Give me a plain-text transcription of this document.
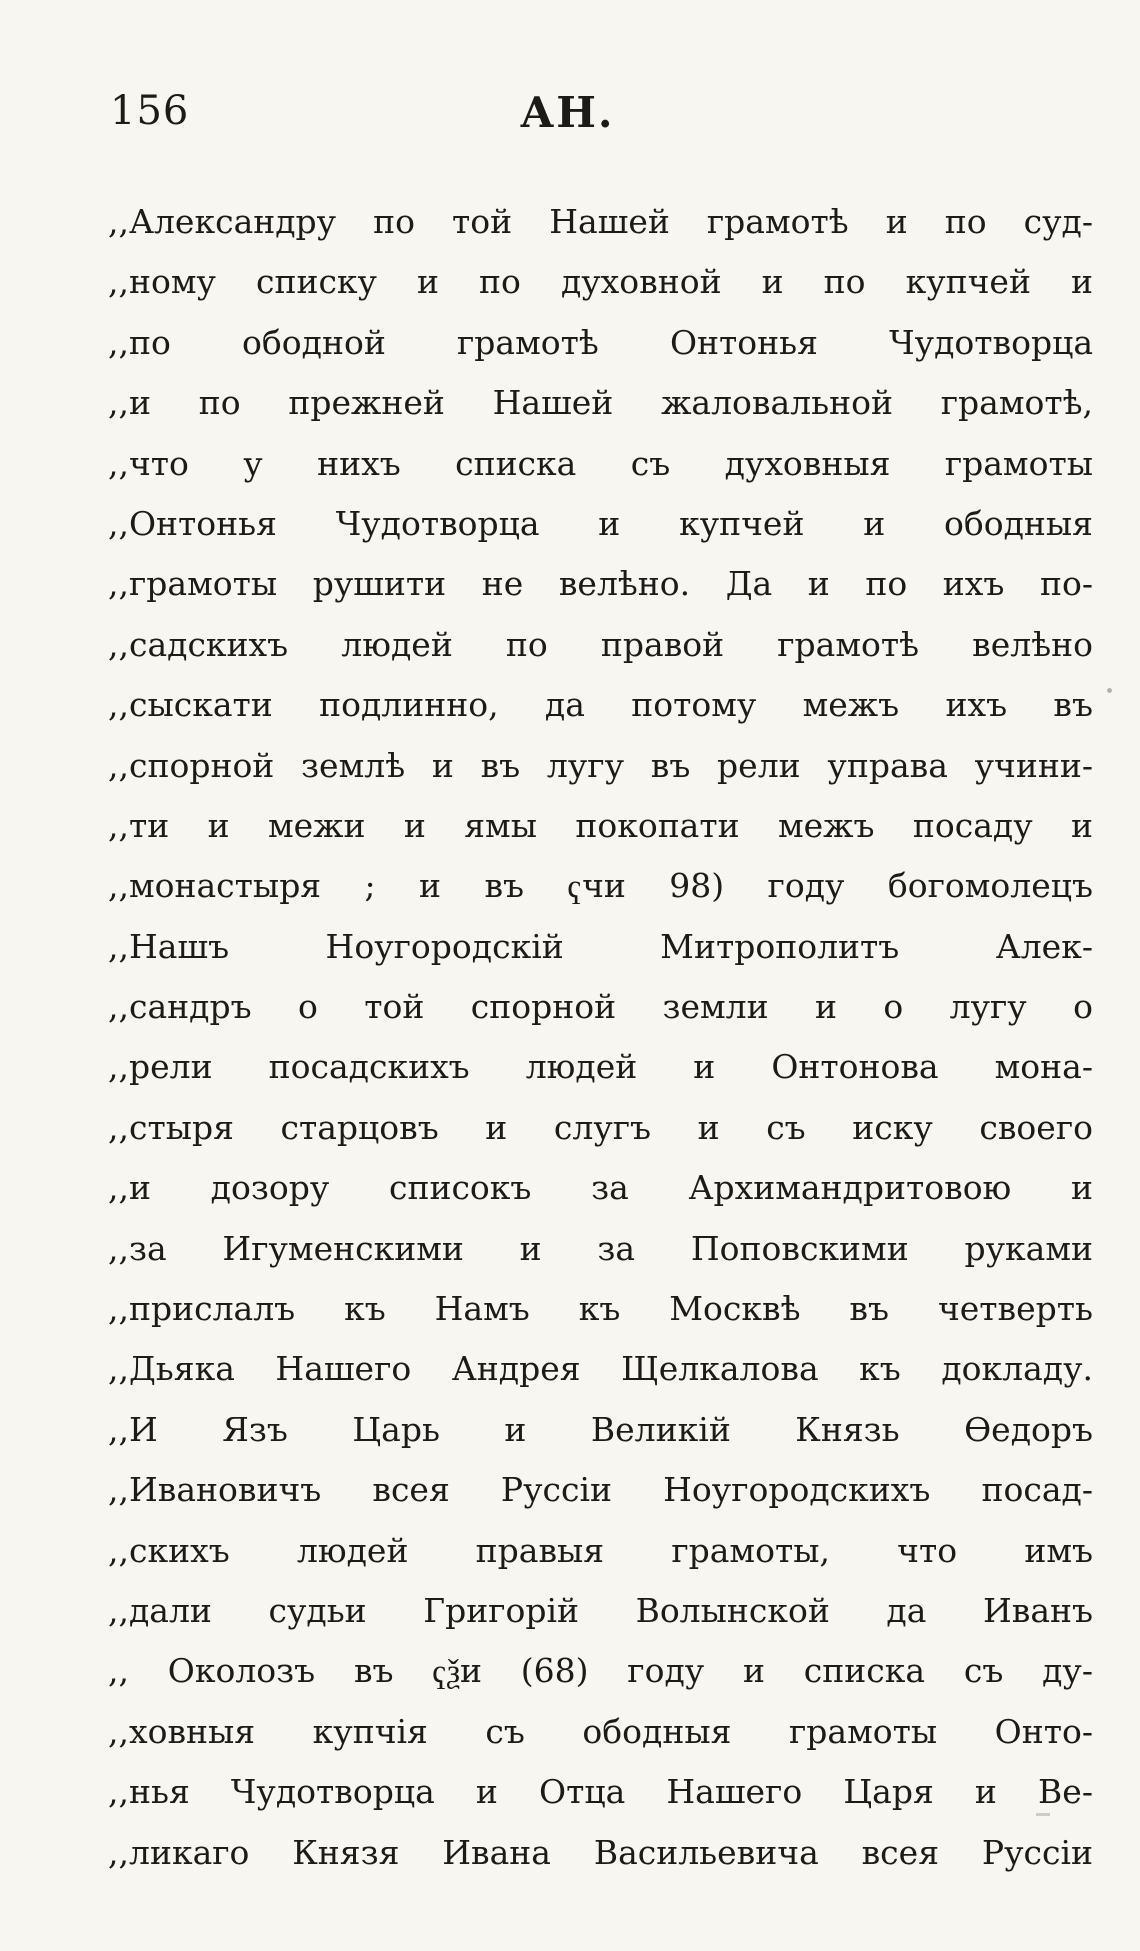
156	АН.
,,Александру по той Нашей грамотѣ и по суд-
,,ному списку и по духовной и по купчей и
,,по ободной грамотѣ Онтонья Чудотворца
,,и по прежней Нашей жаловальной грамотѣ,
,,что у нихъ списка съ духовныя грамоты
,,Онтонья Чудотворца и купчей и ободныя
,,грамоты рушити не велѣно. Да и по ихъ по-
,,садскихъ людей по правой грамотѣ велѣно
,,сыскати подлинно, да потому межъ ихъ въ
,,спорной землѣ и въ лугу въ рели управа учини-
,,ти и межи и ямы покопати межъ посаду и
,,монастыря ; и въ ҁчи 98) году богомолецъ
,,Нашъ Ноугородскій Митрополитъ Алек-
,,сандръ о той спорной земли и о лугу о
,,рели посадскихъ людей и Онтонова мона-
,,стыря старцовъ и слугъ и съ иску своего
,,и дозору списокъ за Архимандритовою и
,,за Игуменскими и за Поповскими руками
,,прислалъ къ Намъ къ Москвѣ въ четверть
,,Дьяка Нашего Андрея Щелкалова къ докладу.
,,И Язъ Царь и Великій Князь Ѳедоръ
,,Ивановичъ всея Руссіи Ноугородскихъ посад-
,,скихъ людей правыя грамоты, что имъ
,,дали судьи Григорій Волынской да Иванъ
,, Околозъ въ ҁѯи (68) году и списка съ ду-
,,ховныя купчія съ ободныя грамоты Онто-
,,нья Чудотворца и Отца Нашего Царя и Ве-
,,ликаго Князя Ивана Васильевича всея Руссіи
